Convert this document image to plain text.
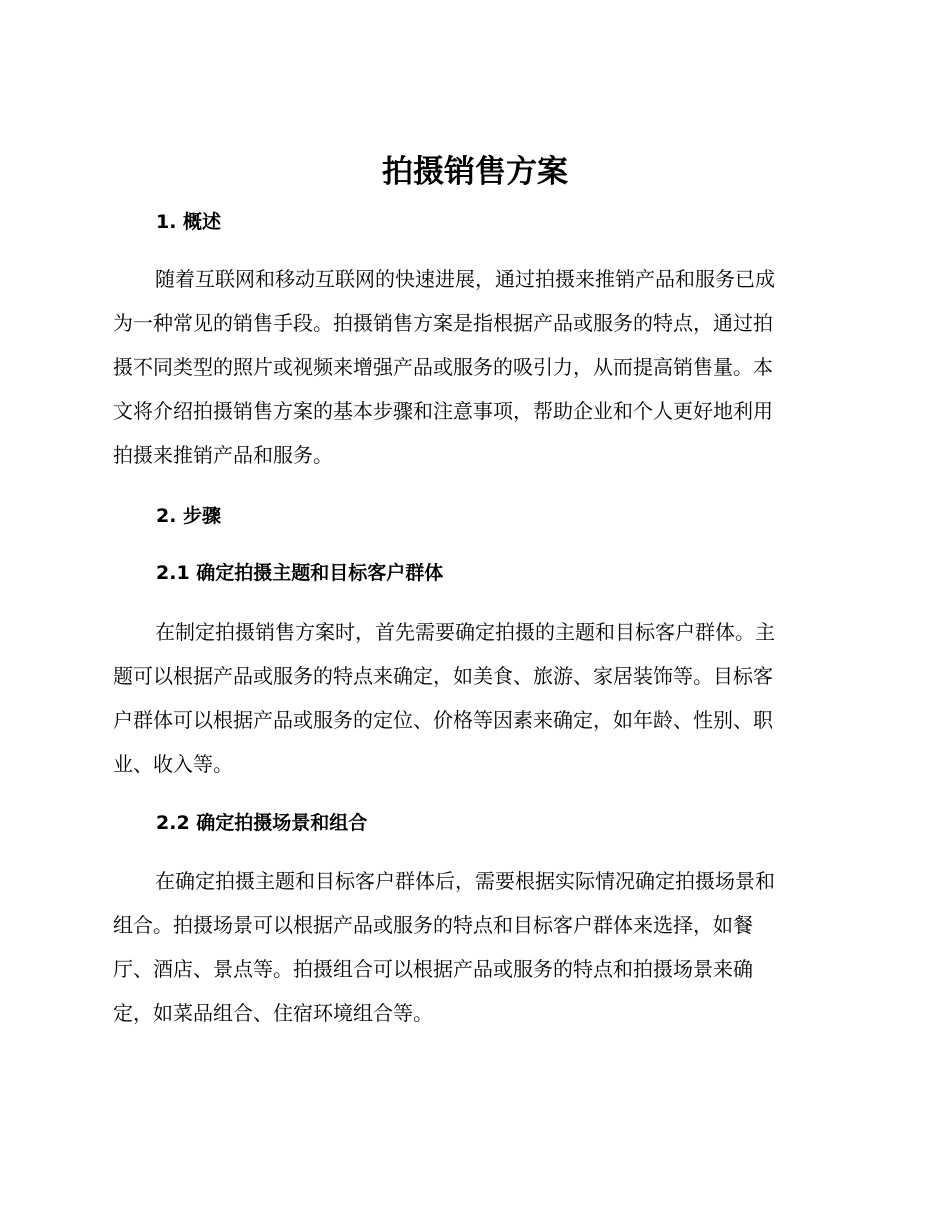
拍摄销售方案
1. 概述
随着互联网和移动互联网的快速进展，通过拍摄来推销产品和服务已成
为一种常见的销售手段。拍摄销售方案是指根据产品或服务的特点，通过拍
摄不同类型的照片或视频来增强产品或服务的吸引力，从而提高销售量。本
文将介绍拍摄销售方案的基本步骤和注意事项，帮助企业和个人更好地利用
拍摄来推销产品和服务。
2. 步骤
2.1 确定拍摄主题和目标客户群体
在制定拍摄销售方案时，首先需要确定拍摄的主题和目标客户群体。主
题可以根据产品或服务的特点来确定，如美食、旅游、家居装饰等。目标客
户群体可以根据产品或服务的定位、价格等因素来确定，如年龄、性别、职
业、收入等。
2.2 确定拍摄场景和组合
在确定拍摄主题和目标客户群体后，需要根据实际情况确定拍摄场景和
组合。拍摄场景可以根据产品或服务的特点和目标客户群体来选择，如餐
厅、酒店、景点等。拍摄组合可以根据产品或服务的特点和拍摄场景来确
定，如菜品组合、住宿环境组合等。
